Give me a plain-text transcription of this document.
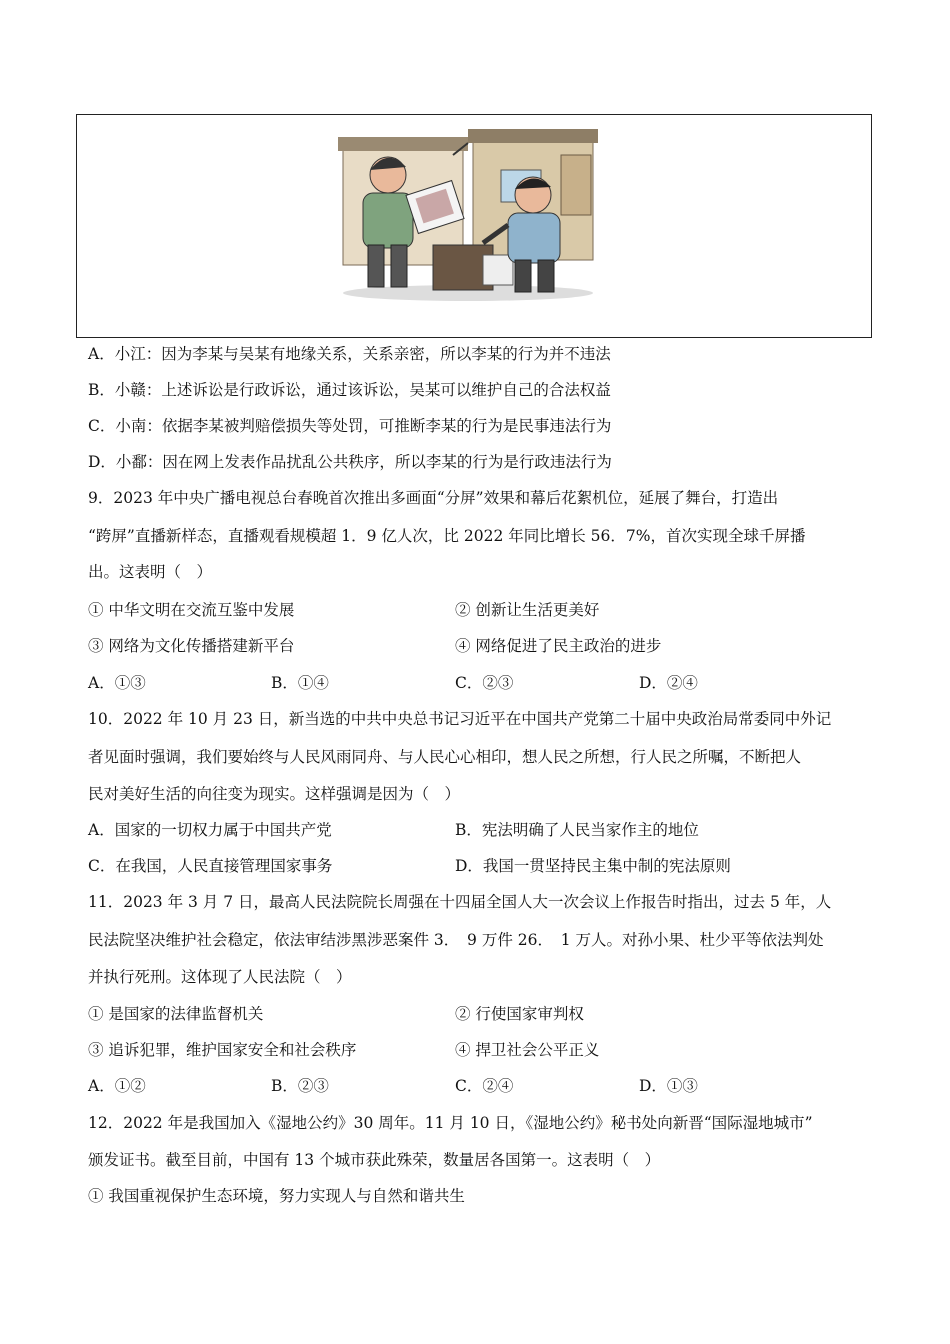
A．小江：因为李某与吴某有地缘关系，关系亲密，所以李某的行为并不违法
B．小赣：上述诉讼是行政诉讼，通过该诉讼，吴某可以维护自己的合法权益
C．小南：依据李某被判赔偿损失等处罚，可推断李某的行为是民事违法行为
D．小鄱：因在网上发表作品扰乱公共秩序，所以李某的行为是行政违法行为
9．2023 年中央广播电视总台春晚首次推出多画面“分屏”效果和幕后花絮机位，延展了舞台，打造出
“跨屏”直播新样态，直播观看规模超 1．9 亿人次，比 2022 年同比增长 56．7%，首次实现全球千屏播
出。这表明（　）
① 中华文明在交流互鉴中发展	② 创新让生活更美好
③ 网络为文化传播搭建新平台	④ 网络促进了民主政治的进步
A．①③	B．①④	C．②③	D．②④
10．2022 年 10 月 23 日，新当选的中共中央总书记习近平在中国共产党第二十届中央政治局常委同中外记
者见面时强调，我们要始终与人民风雨同舟、与人民心心相印，想人民之所想，行人民之所嘱，不断把人
民对美好生活的向往变为现实。这样强调是因为（　）
A．国家的一切权力属于中国共产党	B．宪法明确了人民当家作主的地位
C．在我国，人民直接管理国家事务	D．我国一贯坚持民主集中制的宪法原则
11．2023 年 3 月 7 日，最高人民法院院长周强在十四届全国人大一次会议上作报告时指出，过去 5 年，人
民法院坚决维护社会稳定，依法审结涉黑涉恶案件 3．　9 万件 26．　1 万人。对孙小果、杜少平等依法判处
并执行死刑。这体现了人民法院（　）
① 是国家的法律监督机关	② 行使国家审判权
③ 追诉犯罪，维护国家安全和社会秩序	④ 捍卫社会公平正义
A．①②	B．②③	C．②④	D．①③
12．2022 年是我国加入《湿地公约》30 周年。11 月 10 日，《湿地公约》秘书处向新晋“国际湿地城市”
颁发证书。截至目前，中国有 13 个城市获此殊荣，数量居各国第一。这表明（　）
① 我国重视保护生态环境，努力实现人与自然和谐共生
